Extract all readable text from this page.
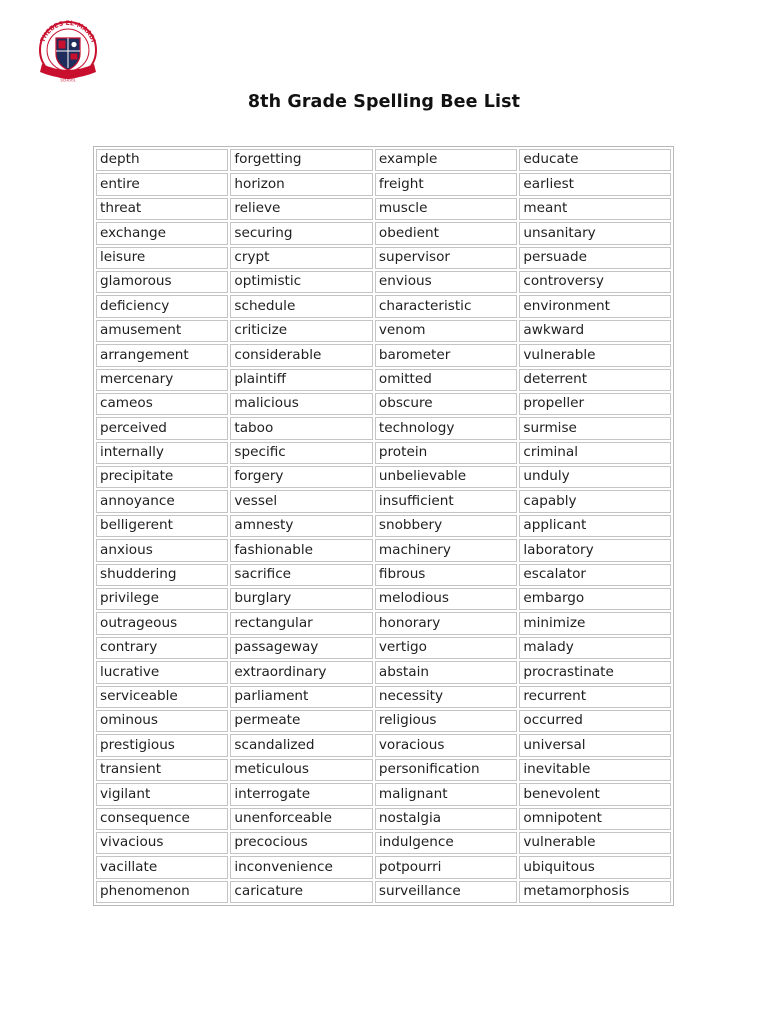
THEBES EL-MAADI
SCHOOL
8th Grade Spelling Bee List
depth	forgetting	example	educate
entire	horizon	freight	earliest
threat	relieve	muscle	meant
exchange	securing	obedient	unsanitary
leisure	crypt	supervisor	persuade
glamorous	optimistic	envious	controversy
deficiency	schedule	characteristic	environment
amusement	criticize	venom	awkward
arrangement	considerable	barometer	vulnerable
mercenary	plaintiff	omitted	deterrent
cameos	malicious	obscure	propeller
perceived	taboo	technology	surmise
internally	specific	protein	criminal
precipitate	forgery	unbelievable	unduly
annoyance	vessel	insufficient	capably
belligerent	amnesty	snobbery	applicant
anxious	fashionable	machinery	laboratory
shuddering	sacrifice	fibrous	escalator
privilege	burglary	melodious	embargo
outrageous	rectangular	honorary	minimize
contrary	passageway	vertigo	malady
lucrative	extraordinary	abstain	procrastinate
serviceable	parliament	necessity	recurrent
ominous	permeate	religious	occurred
prestigious	scandalized	voracious	universal
transient	meticulous	personification	inevitable
vigilant	interrogate	malignant	benevolent
consequence	unenforceable	nostalgia	omnipotent
vivacious	precocious	indulgence	vulnerable
vacillate	inconvenience	potpourri	ubiquitous
phenomenon	caricature	surveillance	metamorphosis
